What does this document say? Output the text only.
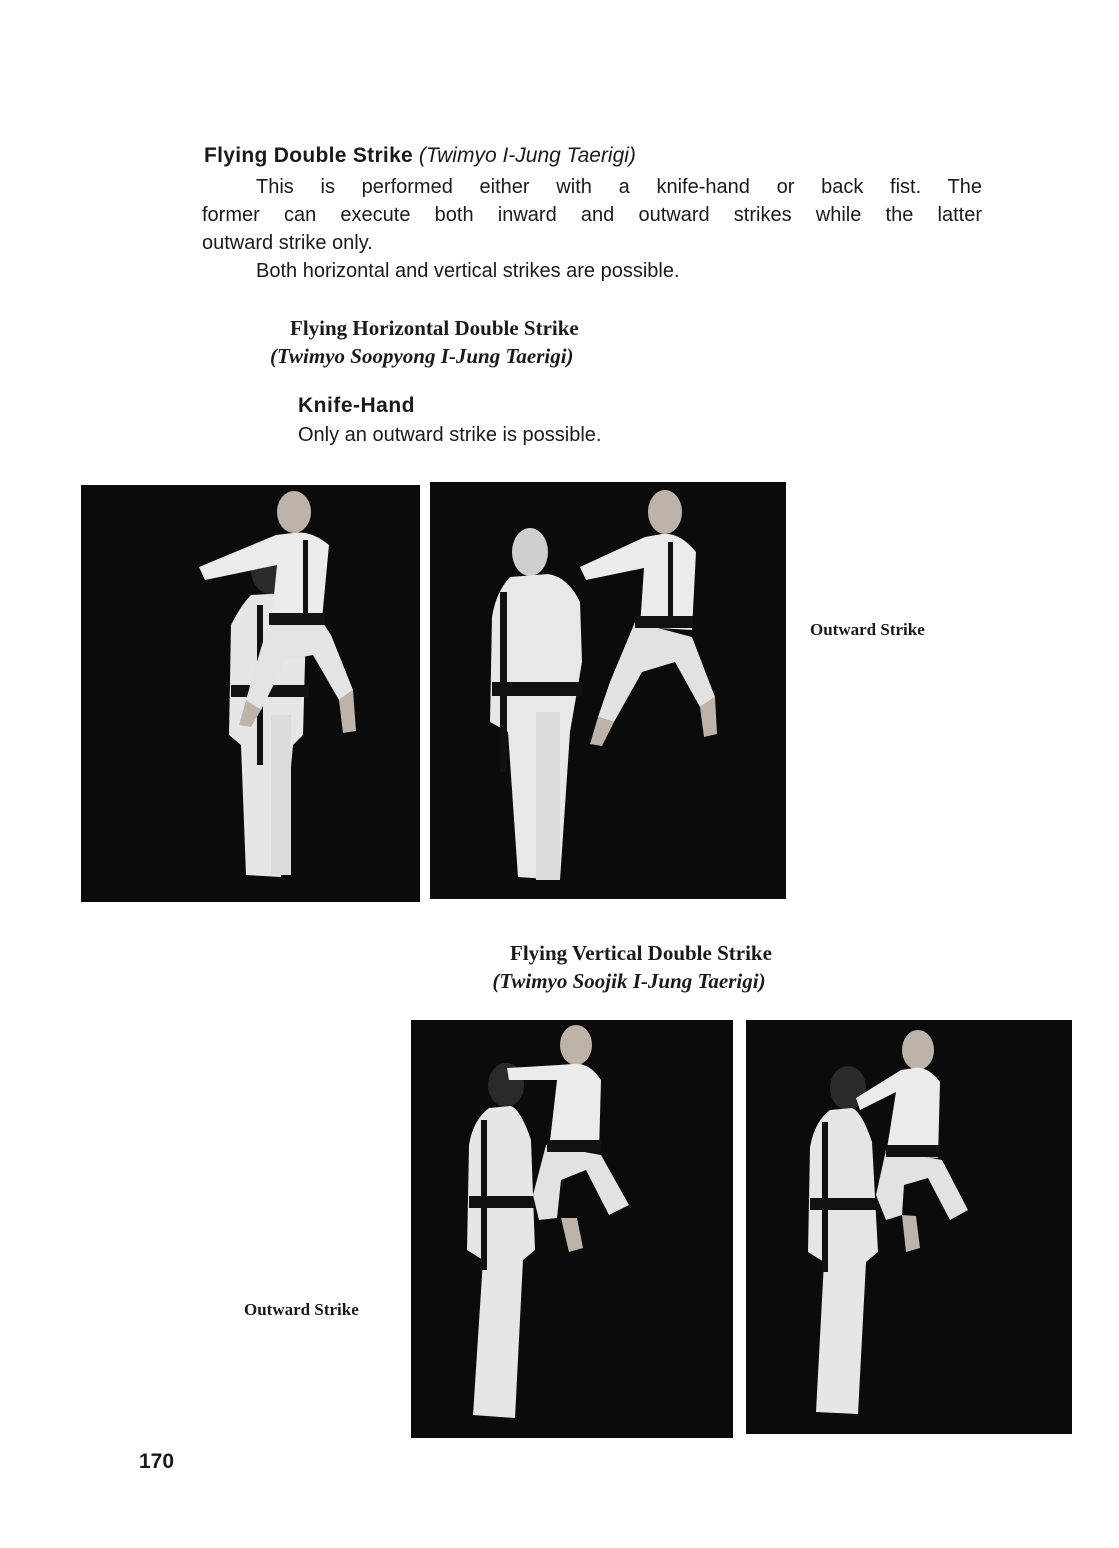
Flying Double Strike (Twimyo I-Jung Taerigi)

This is performed either with a knife-hand or back fist. The

former can execute both inward and outward strikes while the latter

outward strike only.

Both horizontal and vertical strikes are possible.

Flying Horizontal Double Strike
(Twimyo Soopyong I-Jung Taerigi)
Knife-Hand
Only an outward strike is possible.
Outward Strike
Flying Vertical Double Strike
(Twimyo Soojik I-Jung Taerigi)
Outward Strike
170
